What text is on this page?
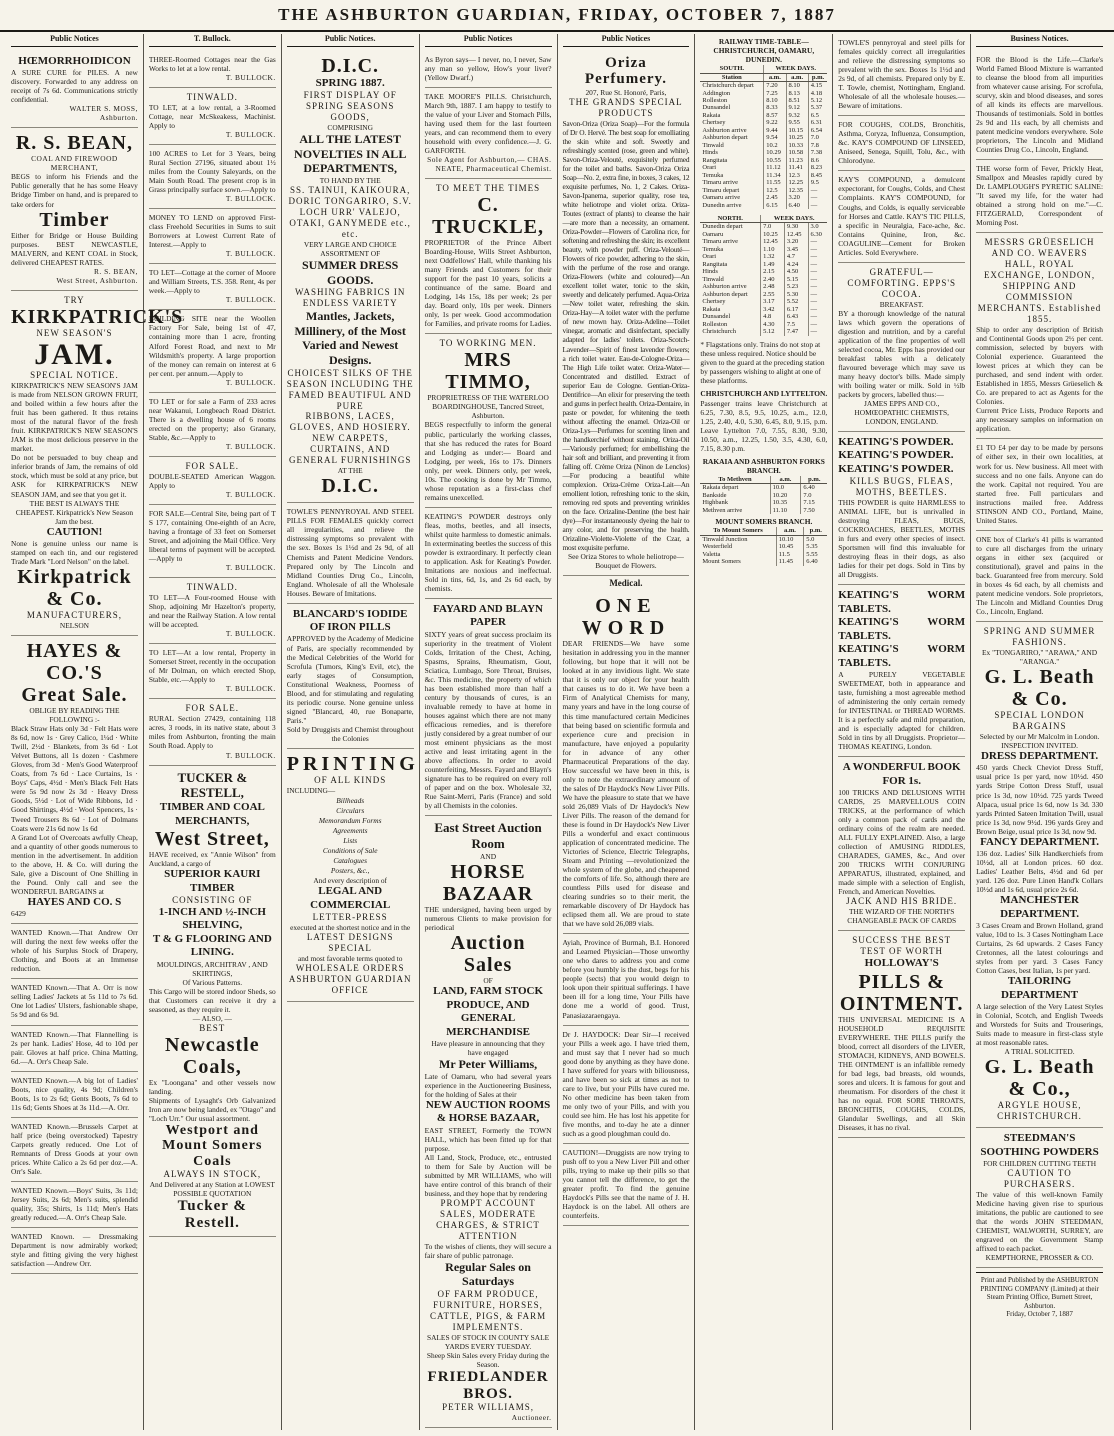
THE ASHBURTON GUARDIAN, FRIDAY, OCTOBER 7, 1887
Public Notices
HŒMORRHOIDICON

A SURE CURE for PILES. A new discovery. Forwarded to any address on receipt of 7s 6d. Communications strictly confidential.

WALTER S. MOSS,
Ashburton.
R. S. BEAN,
COAL AND FIREWOOD MERCHANT,

BEGS to inform his Friends and the Public generally that he has some Heavy Bridge Timber on hand, and is prepared to take orders for

Timber

Either for Bridge or House Building purposes. BEST NEWCASTLE, MALVERN, and KENT COAL in Stock, delivered CHEAPEST RATES.

R. S. BEAN,
West Street, Ashburton.
TRY
KIRKPATRICK'S
NEW SEASON'S
JAM.
SPECIAL NOTICE.

KIRKPATRICK'S NEW SEASON'S JAM is made from NELSON GROWN FRUIT, and boiled within a few hours after the fruit has been gathered. It thus retains most of the natural flavor of the fresh fruit. KIRKPATRICK'S NEW SEASON'S JAM is the most delicious preserve in the market.

Do not be persuaded to buy cheap and inferior brands of Jam, the remains of old stock, which must be sold at any price, but ASK for KIRKPATRICK'S NEW SEASON JAM, and see that you get it.

THE BEST IS ALWAYS THE CHEAPEST. Kirkpatrick's New Season Jam the best.

CAUTION!

None is genuine unless our name is stamped on each tin, and our registered Trade Mark "Lord Nelson" on the label.

Kirkpatrick & Co.
MANUFACTURERS,
NELSON
HAYES & CO.'S
Great Sale.
OBLIGE BY READING THE FOLLOWING :-

Black Straw Hats only 3d · Felt Hats were 8s 6d, now 1s · Grey Calico, 1¼d · White Twill, 2½d · Blankets, from 3s 6d · Lot Velvet Buttons, all 1s dozen · Cashmere Gloves, from 3d · Men's Good Waterproof Coats, from 7s 6d · Lace Curtains, 1s · Boys' Caps, 4½d · Men's Black Felt Hats were 5s 9d now 2s 3d · Heavy Dress Goods, 5½d · Lot of Wide Ribbons, 1d · Good Shirtings, 4½d · Wool Spencers, 1s · Tweed Trousers 8s 6d · Lot of Dolmans Coats were 21s 6d now 1s 6d

A Grand Lot of Overcoats awfully Cheap, and a quantity of other goods numerous to mention in the advertisement. In addition to the above, H. & Co. will during the Sale, give a Discount of One Shilling in the Pound. Only call and see the WONDERFUL BARGAINS at

HAYES AND CO. S
6429

WANTED Known.—That Andrew Orr will during the next few weeks offer the whole of his Surplus Stock of Drapery, Clothing, and Boots at an Immense reduction.

WANTED Known.—That A. Orr is now selling Ladies' Jackets at 5s 11d to 7s 6d. One lot Ladies' Ulsters, fashionable shape, 5s 9d and 6s 9d.

WANTED Known.—That Flannelling is 2s per hank. Ladies' Hose, 4d to 10d per pair. Gloves at half price. China Matting, 6d.—A. Orr's Cheap Sale.

WANTED Known.—A big lot of Ladies' Boots, nice quality, 4s 9d; Children's Boots, 1s to 2s 6d; Gents Boots, 7s 6d to 11s 6d; Gents Shoes at 3s 11d.—A. Orr.

WANTED Known.—Brussels Carpet at half price (being overstocked) Tapestry Carpets greatly reduced. One Lot of Remnants of Dress Goods at your own prices. White Calico a 2s 6d per doz.—A. Orr's Sale.

WANTED Known.—Boys' Suits, 3s 11d; Jersey Suits, 2s 6d; Men's suits, splendid quality, 35s; Shirts, 1s 11d; Men's Hats greatly reduced.—A. Orr's Cheap Sale.

WANTED Known. — Dressmaking Department is now admirably worked; style and fitting giving the very highest satisfaction —Andrew Orr.

T. Bullock.

THREE-Roomed Cottages near the Gas Works to let at a low rental.

T. BULLOCK.
TINWALD.

TO LET, at a low rental, a 3-Roomed Cottage, near McSkeakess, Machinist. Apply to

T. BULLOCK.

100 ACRES to Let for 3 Years, being Rural Section 27196, situated about 1½ miles from the County Saleyards, on the Main South Road. The present crop is in Grass principally surface sown.—Apply to

T. BULLOCK.

MONEY TO LEND on approved First-class Freehold Securities in Sums to suit Borrowers at Lowest Current Rate of Interest.—Apply to

T. BULLOCK.

TO LET—Cottage at the corner of Moore and William Streets, T.S. 358. Rent, 4s per week.—Apply to

T. BULLOCK.

BUILDING SITE near the Woollen Factory For Sale, being 1st of 47, containing more than 1 acre, fronting Alford Forest Road, and next to Mr Wildsmith's property. A large proportion of the money can remain on interest at 6 per cent. per annum.—Apply to

T. BULLOCK.

TO LET or for sale a Farm of 233 acres near Wakanui, Longbeach Road District. There is a dwelling house of 6 rooms erected on the property; also Granary, Stable, &c.—Apply to

T. BULLOCK.
FOR SALE.

DOUBLE-SEATED American Waggon. Apply to

T. BULLOCK.

FOR SALE—Central Site, being part of T S 177, containing One-eighth of an Acre, having a frontage of 33 feet on Somerset Street, and adjoining the Mail Office. Very liberal terms of payment will be accepted.—Apply to

T. BULLOCK.
TINWALD.

TO LET—A Four-roomed House with Shop, adjoining Mr Hazelton's property, and near the Railway Station. A low rental will be accepted.

T. BULLOCK.

TO LET—At a low rental, Property in Somerset Street, recently in the occupation of Mr Dolman, on which erected Shop, Stable, etc.—Apply to

T. BULLOCK.
FOR SALE.

RURAL Section 27429, containing 118 acres, 3 roods, in its native state, about 3 miles from Ashburton, fronting the main South Road. Apply to

T. BULLOCK.
TUCKER & RESTELL,
TIMBER AND COAL
MERCHANTS,
West Street,

HAVE received, ex "Annie Wilson" from Auckland, a cargo of

SUPERIOR KAURI TIMBER
CONSISTING OF
1-INCH AND ½-INCH SHELVING,
T & G FLOORING AND LINING.
MOULDINGS, ARCHITRAV , AND SKIRTINGS,
Of Various Patterns.

This Cargo will be stored indoor Sheds, so that Customers can receive it dry a seasoned, as they require it.

— ALSO, —
BEST
Newcastle Coals,

Ex "Loongana" and other vessels now landing.

Shipments of Lysaght's Orb Galvanized Iron are now being landed, ex "Otago" and "Loch Urr." Our usual assortment.

Westport and Mount Somers Coals
ALWAYS IN STOCK,
And Delivered at any Station at LOWEST POSSIBLE QUOTATION
Tucker & Restell.
Public Notices.
D.I.C.
SPRING 1887.
FIRST DISPLAY OF SPRING SEASONS GOODS,
COMPRISING
ALL THE LATEST NOVELTIES IN ALL DEPARTMENTS,
TO HAND BY THE
SS. TAINUI, KAIKOURA, DORIC TONGARIRO, S.V. LOCH URR' VALEJO, OTAKI, GANYMEDE etc., etc.
VERY LARGE AND CHOICE ASSORTMENT OF
SUMMER DRESS GOODS.
WASHING FABRICS IN ENDLESS VARIETY
Mantles, Jackets, Millinery, of the Most Varied and Newest Designs.
CHOICEST SILKS OF THE SEASON INCLUDING THE FAMED BEAUTIFUL AND PURE
RIBBONS, LACES, GLOVES, AND HOSIERY.
NEW CARPETS, CURTAINS, AND GENERAL FURNISHINGS
AT THE
D.I.C.

TOWLE'S PENNYROYAL AND STEEL PILLS FOR FEMALES quickly correct all irregularities, and relieve the distressing symptoms so prevalent with the sex. Boxes 1s 1½d and 2s 9d, of all Chemists and Patent Medicine Vendors. Prepared only by The Lincoln and Midland Counties Drug Co., Lincoln, England. Wholesale of all the Wholesale Houses. Beware of Imitations.

BLANCARD'S IODIDE OF IRON PILLS

APPROVED by the Academy of Medicine of Paris, are specially recommended by the Medical Celebrities of the World for Scrofula (Tumors, King's Evil, etc), the early stages of Consumption, Constitutional Weakness, Poorness of Blood, and for stimulating and regulating its periodic course. None genuine unless signed "Blancard, 40, rue Bonaparte, Paris."

Sold by Druggists and Chemist throughout the Colonies

PRINTING
OF ALL KINDS
INCLUDING—
Billheads
Circulars
Memorandum Forms
Agreements
Lists
Conditions of Sale
Catalogues
Posters, &c.,
And every description of
LEGAL AND COMMERCIAL
LETTER-PRESS
executed at the shortest notice and in the
LATEST DESIGNS
SPECIAL
and most favorable terms quoted to
WHOLESALE ORDERS
ASHBURTON GUARDIAN
OFFICE
Public Notices

As Byron says— I never, no, I never, Saw any man so yellow, How's your liver? (Yellow Dwarf.)

TAKE MOORE'S PILLS. Christchurch, March 9th, 1887. I am happy to testify to the value of your Liver and Stomach Pills, having used them for the last fourteen years, and can recommend them to every household with every confidence.—J. G. GARFORTH.

Sole Agent for Ashburton,— CHAS. NEATE, Pharmaceutical Chemist.

TO MEET THE TIMES
C. TRUCKLE,

PROPRIETOR of the Prince Albert Boarding-House, Wills Street Ashburton, next Oddfellows' Hall, while thanking his many Friends and Customers for their support for the past 10 years, solicits a continuance of the same. Board and Lodging, 14s 15s, 18s per week; 2s per day. Board only, 10s per week. Dinners only, 1s per week. Good accommodation for Families, and private rooms for Ladies.

TO WORKING MEN.
MRS TIMMO,
PROPRIETRESS OF THE WATERLOO BOARDINGHOUSE, Tancred Street, Ashburton.

BEGS respectfully to inform the general public, particularly the working classes, that she has reduced the rates for Board and Lodging as under:— Board and Lodging, per week, 16s to 17s. Dinners only, per week. Dinners only, per week, 10s. The cooking is done by Mr Timmo, whose reputation as a first-class chef remains unexcelled.

KEATING'S POWDER destroys only fleas, moths, beetles, and all insects, whilst quite harmless to domestic animals. In exterminating beetles the success of this powder is extraordinary. It perfectly clean to application. Ask for Keating's Powder. Imitations are noxious and ineffectual. Sold in tins, 6d, 1s, and 2s 6d each, by chemists.

FAYARD AND BLAYN PAPER

SIXTY years of great success proclaim its superiority in the treatment of Violent Colds, Irritation of the Chest, Aching, Spasms, Sprains, Rheumatism, Gout, Sciatica, Lumbago, Sore Throat, Bruises, &c. This medicine, the property of which has been established more than half a century by thousands of cures, is an invaluable remedy to have at home in houses against which there are not many efficacious remedies, and is therefore justly considered by a great number of our most eminent physicians as the most active and least irritating agent in the above affections. In order to avoid counterfeiting, Messrs. Fayard and Blayn's signature has to be required on every roll of paper and on the box. Wholesale 32, Rue Saint-Merri, Paris (France) and sold by all Chemists in the colonies.

East Street Auction Room
AND
HORSE BAZAAR

THE undersigned, having been urged by numerous Clients to make provision for periodical

Auction Sales
OF
LAND, FARM STOCK PRODUCE, AND GENERAL MERCHANDISE
Have pleasure in announcing that they have engaged
Mr Peter Williams,

Late of Oamaru, who had several years experience in the Auctioneering Business, for the holding of Sales at their

NEW AUCTION ROOMS & HORSE BAZAAR,

EAST STREET, Formerly the TOWN HALL, which has been fitted up for that purpose.

All Land, Stock, Produce, etc., entrusted to them for Sale by Auction will be submitted by MR WILLIAMS, who will have entire control of this branch of their business, and they hope that by rendering

PROMPT ACCOUNT SALES, MODERATE CHARGES, & STRICT ATTENTION

To the wishes of clients, they will secure a fair share of public patronage.

Regular Sales on Saturdays
OF FARM PRODUCE, FURNITURE, HORSES, CATTLE, PIGS, & FARM IMPLEMENTS.
SALES OF STOCK IN COUNTY SALE YARDS EVERY TUESDAY.
Sheep Skin Sales every Friday during the Season.
FRIEDLANDER BROS.
PETER WILLIAMS,
Auctioneer.
Public Notices
Oriza Perfumery.
207, Rue St. Honoré, Paris,
THE GRANDS SPECIAL PRODUCTS

Savon-Oriza (Oriza Soap)—For the formula of Dr O. Hervé. The best soap for emolliating the skin white and soft. Sweetly and refreshingly scented (rose, green and white). Savon-Oriza-Velouté, exquisitely perfumed for the toilet and baths. Savon-Oriza Oriza Soap—No. 2, extra fine, in boxes, 3 cakes, 12 exquisite perfumes, No. 1, 2 Cakes. Oriza-Savon-Ipanema, superior quality, rose tea, white heliotrope and violet oriza. Oriza-Toutes (extract of plants) to cleanse the hair—are more than a necessity, an ornament. Oriza-Powder—Flowers of Carolina rice, for softening and refreshing the skin; its excellent beauty, with powder puff. Oriza-Velouté—Flowers of rice powder, adhering to the skin, with the perfume of the rose and orange. Oriza-Flowers (white and coloured)—An excellent toilet water, tonic to the skin, sweetly and delicately perfumed. Aqua-Oriza—New toilet water, refreshing the skin. Oriza-Hay—A toilet water with the perfume of new mown hay. Oriza-Adeline—Toilet vinegar, aromatic and disinfectant, specially adapted for ladies' toilets. Oriza-Scotch-Lavender—Spirit of finest lavender flowers; a rich toilet water. Eau-de-Cologne-Oriza—The High Life toilet water. Oriza-Water—Concentrated and distilled. Extract of superior Eau de Cologne. Gentian-Oriza-Dentifrice—An elixir for preserving the teeth and gums in perfect health. Oriza-Dentaire, in paste or powder, for whitening the teeth without affecting the enamel. Oriza-Oil or Oriza-Lys—Perfumes for scenting linen and the handkerchief without staining. Oriza-Oil—Variously perfumed; for embellishing the hair soft and brilliant, and preventing it from falling off. Crème Oriza (Ninon de Lenclos)—For producing a beautiful white complexion. Oriza-Crème Oriza-Lait—An emollient lotion, refreshing tonic to the skin, removing red spots and preventing wrinkles on the face. Orizaline-Dentine (the best hair dye)—For instantaneously dyeing the hair to any color, and for preserving the health. Orizaline-Violette-Violette of the Czar, a most exquisite perfume.

See Oriza Stores to whole heliotrope—Bouquet de Flowers.

Medical.
ONE WORD

DEAR FRIENDS—We have some hesitation in addressing you in the manner following, but hope that it will not be looked at in any invidious light. We state that it is only our object for your health that causes us to do it. We have been a Firm of Analytical Chemists for many, many years and have in the long course of this time manufactured certain Medicines that being based on scientific formula and experience cure and precision in manufacture, have enjoyed a popularity for in advance of any other Pharmaceutical Preparations of the day. How successful we have been in this, is only to note the extraordinary amount of the sales of Dr Haydock's New Liver Pills. We have the pleasure to state that we have sold 26,089 Vials of Dr Haydock's New Liver Pills. The reason of the demand for these is found in Dr Haydock's New Liver Pills a wonderful and exact continuous application of concentrated medicine. The Victories of Science, Electric Telegraphs, Steam and Printing —revolutionized the whole system of the globe, and cheapened the comforts of life. So, although there are countless Pills used for disease and clearing sundries so to their merit, the remarkable discovery of Dr Haydock has eclipsed them all. We are proud to state that we have sold 26,089 vials.

Ayiah, Province of Burmah, B.I. Honored and Learned Physician—Those unworthy one who dares to address you and come before you humbly is the dust, begs for his people (sects) that you would deign to look upon their spiritual sufferings. I have been ill for a long time, Your Pills have done me a world of good. Trust, Panasiazaraengaya.

Dr J. HAYDOCK: Dear Sir—I received your Pills a week ago. I have tried them, and must say that I never had so much good done by anything as they have done. I have suffered for years with biliousness, and have been so sick at times as not to care to live, but your Pills have cured me. No other medicine has been taken from me only two of your Pills, and with you could see him. He has lost his appetite for five months, and to-day he ate a dinner such as a good ploughman could do.

CAUTION!—Druggists are now trying to push off to you a New Liver Pill and other pills, trying to make up their pills so that you cannot tell the difference, to get the greater profit. To find the genuine Haydock's Pills see that the name of J. H. Haydock is on the label. All others are counterfeits.

RAILWAY TIME-TABLE—CHRISTCHURCH, OAMARU, DUNEDIN.
SOUTH.	WEEK DAYS.		
Station	a.m.	a.m.	p.m.
Christchurch depart	7.20	8.10	4.15
Addington	7.25	8.13	4.18
Rolleston	8.10	8.51	5.12
Dunsandel	8.33	9.12	5.37
Rakaia	8.57	9.32	6.5
Chertsey	9.22	9.55	6.31
Ashburton arrive	9.44	10.15	6.54
Ashburton depart	9.54	10.25	7.0
Tinwald	10.2	10.33	7.8
Hinds	10.29	10.58	7.38
Rangitata	10.55	11.23	8.6
Orari	11.12	11.41	8.23
Temuka	11.34	12.3	8.45
Timaru arrive	11.55	12.25	9.5
Timaru depart	12.5	12.35	—
Oamaru arrive	2.45	3.20	—
Dunedin arrive	6.15	6.40	—
NORTH.	WEEK DAYS.		
Dunedin depart	7.0	9.30	3.0
Oamaru	10.25	12.45	6.30
Timaru arrive	12.45	3.20	—
Temuka	1.10	3.45	—
Orari	1.32	4.7	—
Rangitata	1.49	4.24	—
Hinds	2.15	4.50	—
Tinwald	2.40	5.15	—
Ashburton arrive	2.48	5.23	—
Ashburton depart	2.55	5.30	—
Chertsey	3.17	5.52	—
Rakaia	3.42	6.17	—
Dunsandel	4.8	6.43	—
Rolleston	4.30	7.5	—
Christchurch	5.12	7.47	—

* Flagstations only. Trains do not stop at these unless required. Notice should be given to the guard at the preceding station by passengers wishing to alight at one of these platforms.

CHRISTCHURCH AND LYTTELTON.

Passenger trains leave Christchurch at 6.25, 7.30, 8.5, 9.5, 10.25, a.m., 12.0, 1.25, 2.40, 4.0, 5.30, 6.45, 8.0, 9.15, p.m. Leave Lyttelton 7.0, 7.55, 8.30, 9.30, 10.50, a.m., 12.25, 1.50, 3.5, 4.30, 6.0, 7.15, 8.30 p.m.

RAKAIA AND ASHBURTON FORKS BRANCH.
To Methven	a.m.	p.m.
Rakaia depart	10.0	6.40
Bankside	10.20	7.0
Highbank	10.35	7.15
Methven arrive	11.10	7.50
MOUNT SOMERS BRANCH.
To Mount Somers	a.m.	p.m.
Tinwald Junction	10.10	5.0
Westerfield	10.45	5.35
Valetta	11.5	5.55
Mount Somers	11.45	6.40

TOWLE'S pennyroyal and steel pills for females quickly correct all irregularities and relieve the distressing symptoms so prevalent with the sex. Boxes 1s 1½d and 2s 9d, of all chemists. Prepared only by E. T. Towle, chemist, Nottingham, England. Wholesale of all the wholesale houses.—Beware of imitations.

FOR COUGHS, COLDS, Bronchitis, Asthma, Coryza, Influenza, Consumption, &c. KAY'S COMPOUND OF LINSEED, Aniseed, Senega, Squill, Tolu, &c., with Chlorodyne.

KAY'S COMPOUND, a demulcent expectorant, for Coughs, Colds, and Chest Complaints. KAY'S COMPOUND, for Coughs, and Colds, is equally serviceable for Horses and Cattle. KAY'S TIC PILLS, a specific in Neuralgia, Face-ache, &c. Contains Quinine, Iron, &c. COAGULINE—Cement for Broken Articles. Sold Everywhere.

GRATEFUL—COMFORTING. EPPS'S COCOA.
BREAKFAST.

BY a thorough knowledge of the natural laws which govern the operations of digestion and nutrition, and by a careful application of the fine properties of well selected cocoa, Mr. Epps has provided our breakfast tables with a delicately flavoured beverage which may save us many heavy doctor's bills. Made simply with boiling water or milk. Sold in ½lb packets by grocers, labelled thus:—

JAMES EPPS AND CO., HOMŒOPATHIC CHEMISTS, LONDON, ENGLAND.

KEATING'S POWDER.
KEATING'S POWDER.
KEATING'S POWDER.
KILLS BUGS, FLEAS, MOTHS, BEETLES.

THIS POWDER is quite HARMLESS to ANIMAL LIFE, but is unrivalled in destroying FLEAS, BUGS, COCKROACHES, BEETLES, MOTHS in furs and every other species of insect. Sportsmen will find this invaluable for destroying fleas in their dogs, as also ladies for their pet dogs. Sold in Tins by all Druggists.

KEATING'S WORM TABLETS.
KEATING'S WORM TABLETS.
KEATING'S WORM TABLETS.

A PURELY VEGETABLE SWEETMEAT, both in appearance and taste, furnishing a most agreeable method of administering the only certain remedy for INTESTINAL or THREAD WORMS. It is a perfectly safe and mild preparation, and is especially adapted for children. Sold in tins by all Druggists. Proprietor—THOMAS KEATING, London.

A WONDERFUL BOOK FOR 1s.

100 TRICKS AND DELUSIONS WITH CARDS, 25 MARVELLOUS COIN TRICKS, at the performance of which only a common pack of cards and the ordinary coins of the realm are needed. ALL FULLY EXPLAINED. Also, a large collection of AMUSING RIDDLES, CHARADES, GAMES, &c., And over 200 TRICKS WITH CONJURING APPARATUS, illustrated, explained, and made simple with a selection of English, French, and American Novelties.

JACK AND HIS BRIDE.
THE WIZARD OF THE NORTH'S CHANGEABLE PACK OF CARDS
SUCCESS THE BEST TEST OF WORTH
HOLLOWAY'S
PILLS & OINTMENT.

THIS UNIVERSAL MEDICINE IS A HOUSEHOLD REQUISITE EVERYWHERE. THE PILLS purify the blood, correct all disorders of the LIVER, STOMACH, KIDNEYS, AND BOWELS. THE OINTMENT is an infallible remedy for bad legs, bad breasts, old wounds, sores and ulcers. It is famous for gout and rheumatism. For disorders of the chest it has no equal. FOR SORE THROATS, BRONCHITIS, COUGHS, COLDS, Glandular Swellings, and all Skin Diseases, it has no rival.

Business Notices.

FOR the Blood is the Life.—Clarke's World Famed Blood Mixture is warranted to cleanse the blood from all impurities from whatever cause arising. For scrofula, scurvy, skin and blood diseases, and sores of all kinds its effects are marvellous. Thousands of testimonials. Sold in bottles 2s 9d and 11s each, by all chemists and patent medicine vendors everywhere. Sole proprietors, The Lincoln and Midland Counties Drug Co., Lincoln, England.

THE worse form of Fever, Prickly Heat, Smallpox and Measles rapidly cured by Dr. LAMPLOUGH'S PYRETIC SALINE: "It saved my life, for the water had obtained a strong hold on me."—C. FITZGERALD, Correspondent of Morning Post.

MESSRS GRÜESELICH AND CO. WEAVERS HALL, ROYAL EXCHANGE, LONDON, SHIPPING AND COMMISSION MERCHANTS. Established 1855.

Ship to order any description of British and Continental Goods upon 2½ per cent. commission, selected by buyers with Colonial experience. Guaranteed the lowest prices at which they can be purchased, and send indent with order. Established in 1855, Messrs Grüeselich & Co. are prepared to act as Agents for the Colonies.

Current Price Lists, Produce Reports and any necessary samples on information on application.

£1 TO £4 per day to be made by persons of either sex, in their own localities, at work for us. New business. All meet with success and no one fails. Anyone can do the work. Capital not required. You are started free. Full particulars and instructions mailed free. Address STINSON AND CO., Portland, Maine, United States.

ONE box of Clarke's 41 pills is warranted to cure all discharges from the urinary organs in either sex (acquired or constitutional), gravel and pains in the back. Guaranteed free from mercury. Sold in boxes 4s 6d each, by all chemists and patent medicine vendors. Sole proprietors, The Lincoln and Midland Counties Drug Co., Lincoln, England.

SPRING AND SUMMER FASHIONS.
Ex "TONGARIRO," "ARAWA," AND "ARANGA."
G. L. Beath & Co.
SPECIAL LONDON BARGAINS
Selected by our Mr Malcolm in London.
INSPECTION INVITED.
DRESS DEPARTMENT.

450 yards Check Cheviot Dress Stuff, usual price 1s per yard, now 10½d. 450 yards Stripe Cotton Dress Stuff, usual price 1s 3d, now 10½d. 725 yards Tweed Alpaca, usual price 1s 6d, now 1s 3d. 330 yards Printed Sateen Imitation Twill, usual price 1s 3d, now 9½d. 196 yards Grey and Brown Beige, usual price 1s 3d, now 9d.

FANCY DEPARTMENT.

136 doz. Ladies' Silk Handkerchiefs from 10½d, all at London prices. 60 doz. Ladies' Leather Belts, 4½d and 6d per yard. 126 doz. Pure Linen Hand'k Collars 10½d and 1s 6d, usual price 2s 6d.

MANCHESTER DEPARTMENT.

3 Cases Cream and Brown Holland, grand value, 10d to 1s. 3 Cases Nottingham Lace Curtains, 2s 6d upwards. 2 Cases Fancy Cretonnes, all the latest colourings and styles from per yard. 3 Cases Fancy Cotton Cases, best Italian, 1s per yard.

TAILORING DEPARTMENT

A large selection of the Very Latest Styles in Colonial, Scotch, and English Tweeds and Worsteds for Suits and Trouserings, Suits made to measure in first-class style at most reasonable rates.

A TRIAL SOLICITED.
G. L. Beath & Co.,
ARGYLE HOUSE, CHRISTCHURCH.
STEEDMAN'S SOOTHING POWDERS
FOR CHILDREN CUTTING TEETH
CAUTION TO PURCHASERS.

The value of this well-known Family Medicine having given rise to spurious imitations, the public are cautioned to see that the words JOHN STEEDMAN, CHEMIST, WALWORTH, SURREY, are engraved on the Government Stamp affixed to each packet.

KEMPTHORNE, PROSSER & CO.

Print and Published by the ASHBURTON PRINTING COMPANY (Limited) at their Steam Printing Office, Burnett Street, Ashburton.
Friday, October 7, 1887
